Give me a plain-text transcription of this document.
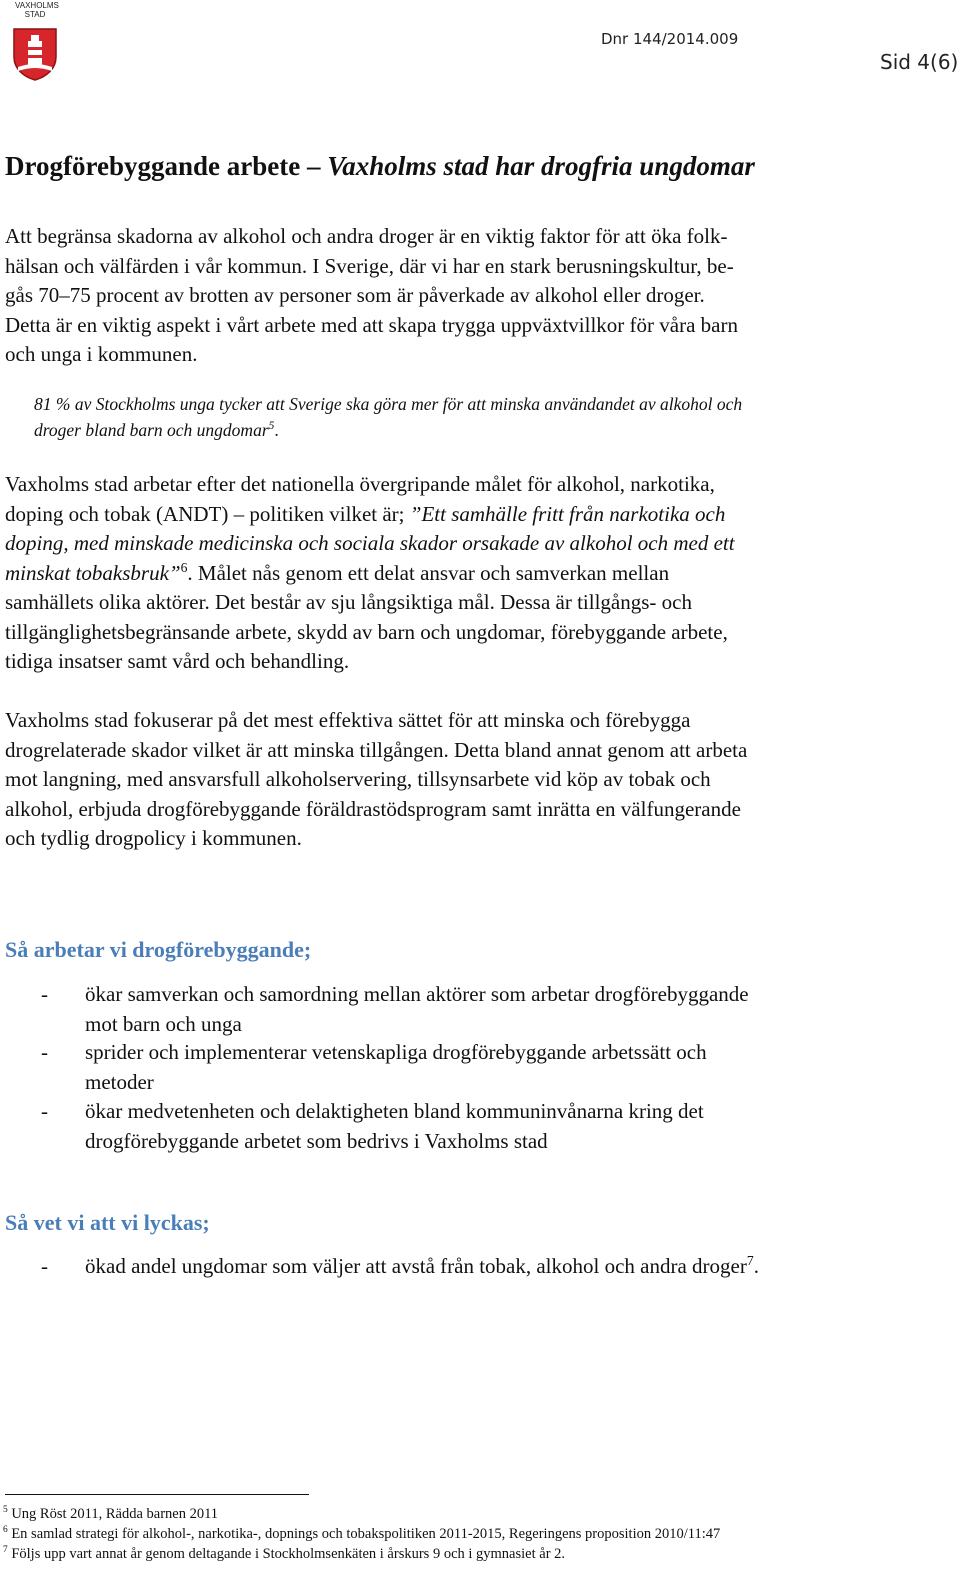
VAXHOLMS STAD
Dnr 144/2014.009
Sid 4(6)
Drogförebyggande arbete – Vaxholms stad har drogfria ungdomar
Att begränsa skadorna av alkohol och andra droger är en viktig faktor för att öka folk-
hälsan och välfärden i vår kommun. I Sverige, där vi har en stark berusningskultur, be-
gås 70–75 procent av brotten av personer som är påverkade av alkohol eller droger.
Detta är en viktig aspekt i vårt arbete med att skapa trygga uppväxtvillkor för våra barn
och unga i kommunen.
81 % av Stockholms unga tycker att Sverige ska göra mer för att minska användandet av alkohol och
droger bland barn och ungdomar$^5$.
Vaxholms stad arbetar efter det nationella övergripande målet för alkohol, narkotika,
doping och tobak (ANDT) – politiken vilket är; ”Ett samhälle fritt från narkotika och
doping, med minskade medicinska och sociala skador orsakade av alkohol och med ett
minskat tobaksbruk”$^6$. Målet nås genom ett delat ansvar och samverkan mellan
samhällets olika aktörer. Det består av sju långsiktiga mål. Dessa är tillgångs- och
tillgänglighetsbegränsande arbete, skydd av barn och ungdomar, förebyggande arbete,
tidiga insatser samt vård och behandling.
Vaxholms stad fokuserar på det mest effektiva sättet för att minska och förebygga
drogrelaterade skador vilket är att minska tillgången. Detta bland annat genom att arbeta
mot langning, med ansvarsfull alkoholservering, tillsynsarbete vid köp av tobak och
alkohol, erbjuda drogförebyggande föräldrastödsprogram samt inrätta en välfungerande
och tydlig drogpolicy i kommunen.
Så arbetar vi drogförebyggande;
- ökar samverkan och samordning mellan aktörer som arbetar drogförebyggande
mot barn och unga
- sprider och implementerar vetenskapliga drogförebyggande arbetssätt och
metoder
- ökar medvetenheten och delaktigheten bland kommuninvånarna kring det
drogförebyggande arbetet som bedrivs i Vaxholms stad
Så vet vi att vi lyckas;
- ökad andel ungdomar som väljer att avstå från tobak, alkohol och andra droger$^7$.
$^5$ Ung Röst 2011, Rädda barnen 2011
$^6$ En samlad strategi för alkohol-, narkotika-, dopnings och tobakspolitiken 2011-2015, Regeringens proposition 2010/11:47
$^7$ Följs upp vart annat år genom deltagande i Stockholmsenkäten i årskurs 9 och i gymnasiet år 2.
